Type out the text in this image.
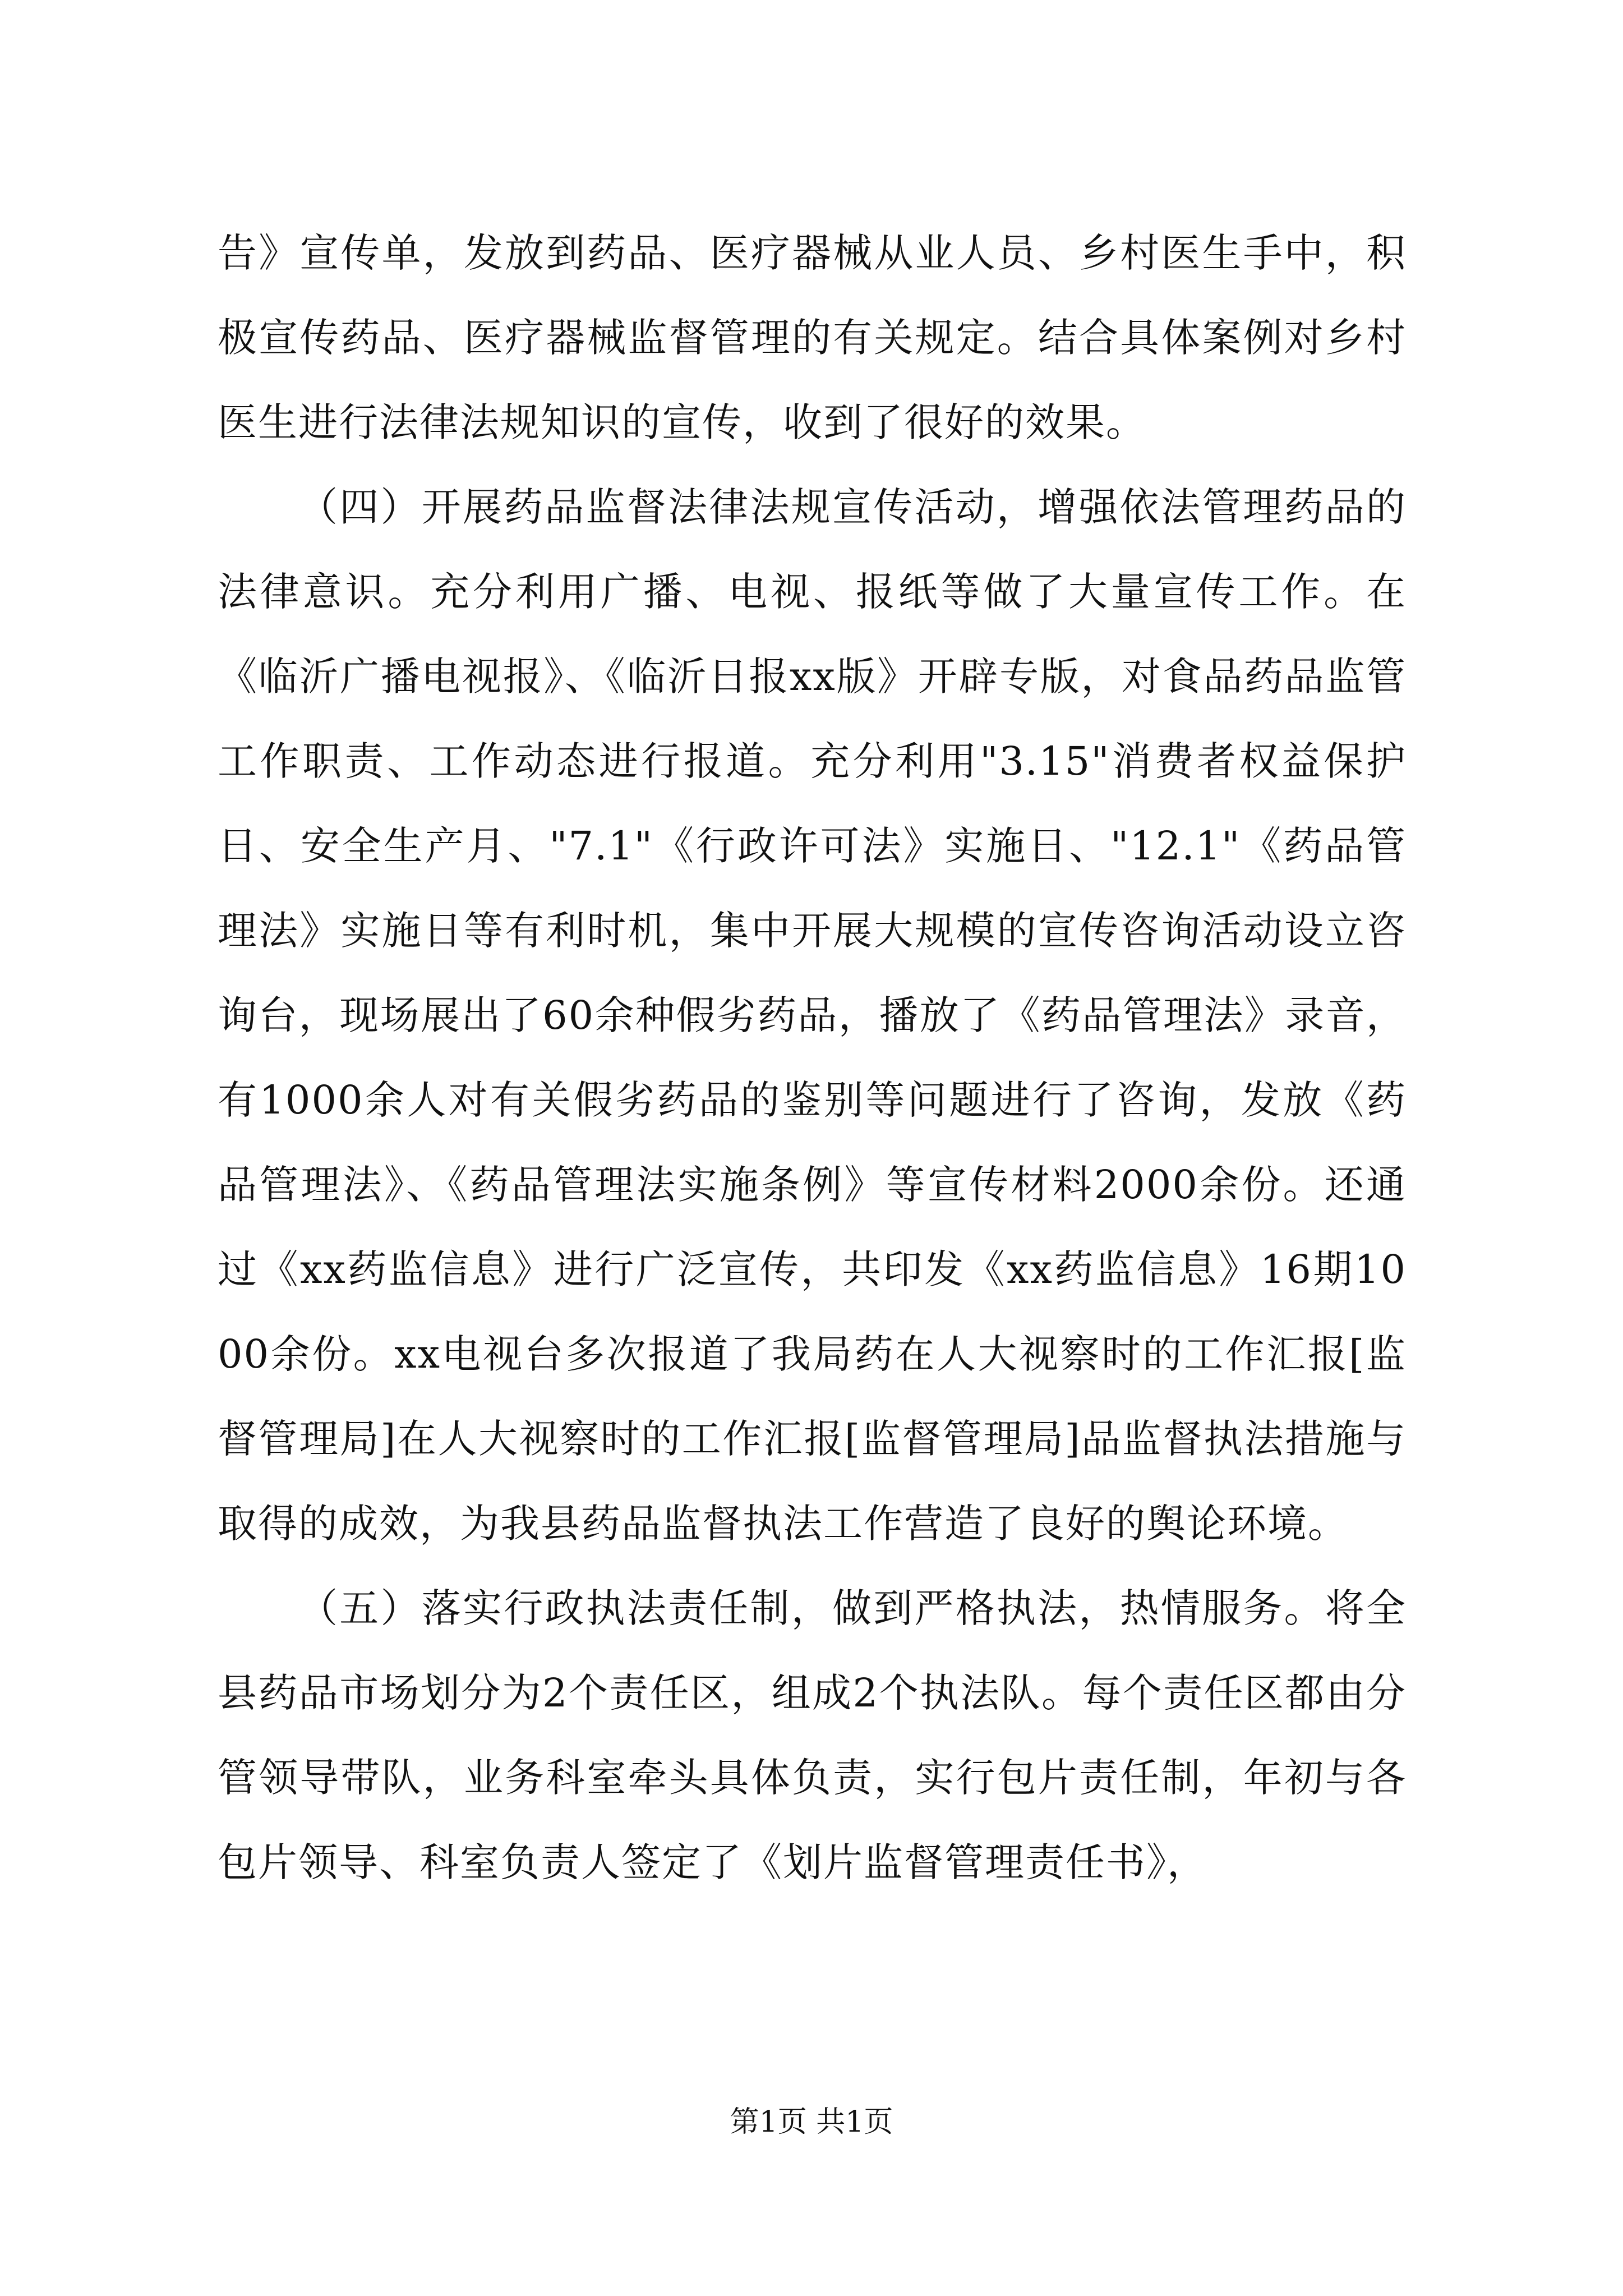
告》宣传单，发放到药品、医疗器械从业人员、乡村医生手中，积极宣传药品、医疗器械监督管理的有关规定。结合具体案例对乡村医生进行法律法规知识的宣传，收到了很好的效果。

（四）开展药品监督法律法规宣传活动，增强依法管理药品的法律意识。充分利用广播、电视、报纸等做了大量宣传工作。在《临沂广播电视报》、《临沂日报xx版》开辟专版，对食品药品监管工作职责、工作动态进行报道。充分利用"3.15"消费者权益保护日、安全生产月、"7.1"《行政许可法》实施日、"12.1"《药品管理法》实施日等有利时机，集中开展大规模的宣传咨询活动设立咨询台，现场展出了60余种假劣药品，播放了《药品管理法》录音，有1000余人对有关假劣药品的鉴别等问题进行了咨询，发放《药品管理法》、《药品管理法实施条例》等宣传材料2000余份。还通过《xx药监信息》进行广泛宣传，共印发《xx药监信息》16期1000余份。xx电视台多次报道了我局药在人大视察时的工作汇报[监督管理局]在人大视察时的工作汇报[监督管理局]品监督执法措施与取得的成效，为我县药品监督执法工作营造了良好的舆论环境。

（五）落实行政执法责任制，做到严格执法，热情服务。将全县药品市场划分为2个责任区，组成2个执法队。每个责任区都由分管领导带队，业务科室牵头具体负责，实行包片责任制，年初与各包片领导、科室负责人签定了《划片监督管理责任书》，

第1页 共1页
